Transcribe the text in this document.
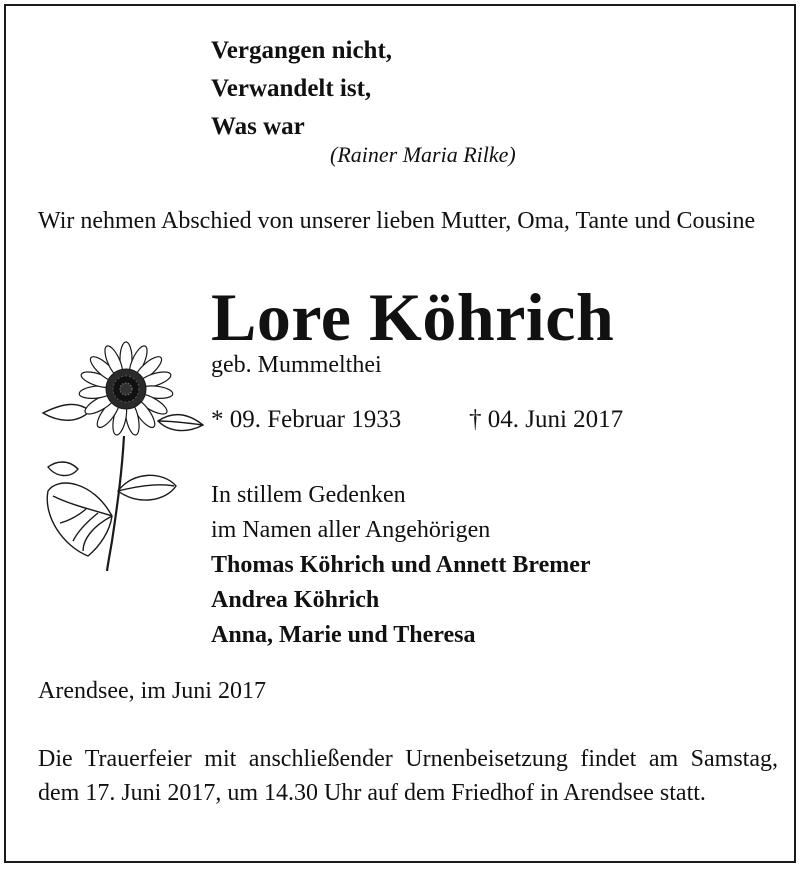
Vergangen nicht,
Verwandelt ist,
Was war
(Rainer Maria Rilke)

Wir nehmen Abschied von unserer lieben Mutter, Oma, Tante und Cousine

Lore Köhrich
geb. Mummelthei
* 09. Februar 1933	† 04. Juni 2017
In stillem Gedenken
im Namen aller Angehörigen
Thomas Köhrich und Annett Bremer
Andrea Köhrich
Anna, Marie und Theresa
Arendsee, im Juni 2017

Die Trauerfeier mit anschließender Urnenbeisetzung findet am Samstag, dem 17. Juni 2017, um 14.30 Uhr auf dem Friedhof in Arendsee statt.
